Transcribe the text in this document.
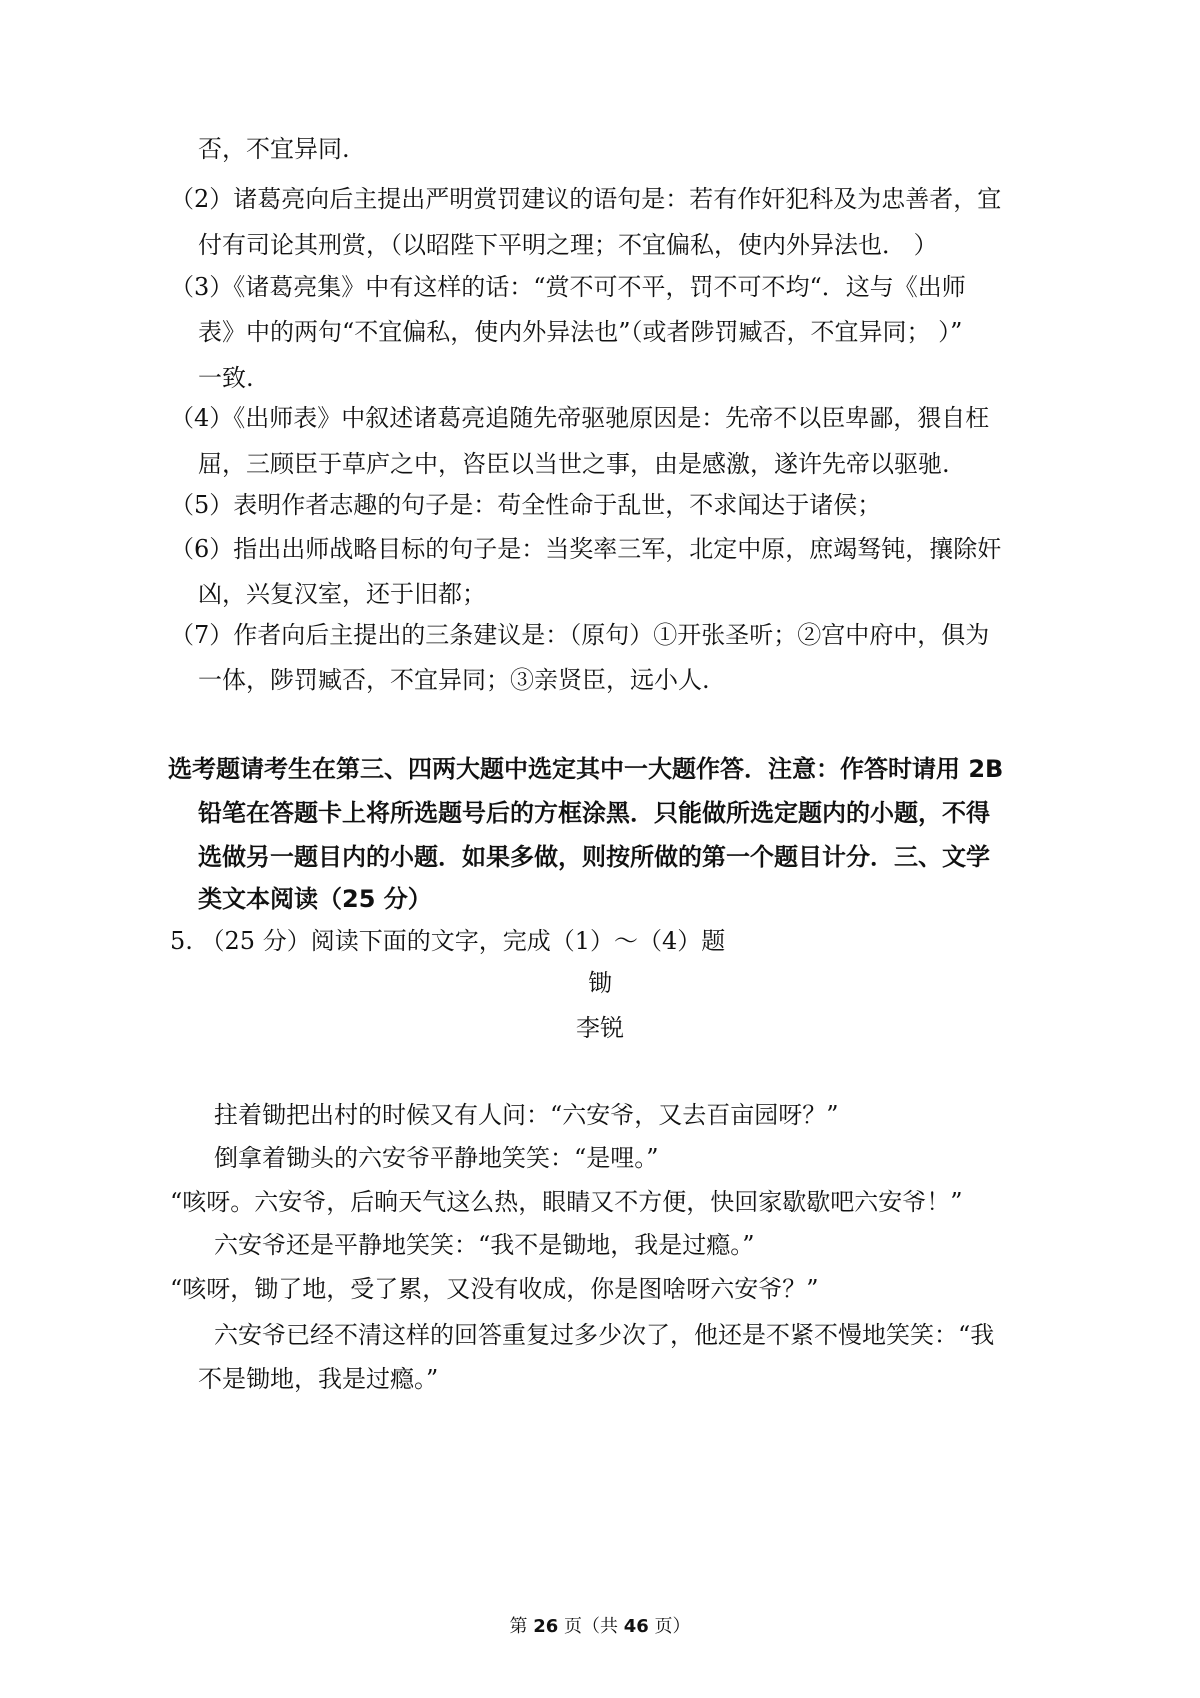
否，不宜异同.
（2）诸葛亮向后主提出严明赏罚建议的语句是：若有作奸犯科及为忠善者，宜
付有司论其刑赏，（以昭陛下平明之理；不宜偏私，使内外异法也． ）
（3）《诸葛亮集》中有这样的话：“赏不可不平，罚不可不均“．这与《出师
表》中的两句“不宜偏私，使内外异法也”（或者陟罚臧否，不宜异同； ）”
一致.
（4）《出师表》中叙述诸葛亮追随先帝驱驰原因是：先帝不以臣卑鄙，猥自枉
屈，三顾臣于草庐之中，咨臣以当世之事，由是感激，遂许先帝以驱驰.
（5）表明作者志趣的句子是：苟全性命于乱世，不求闻达于诸侯；
（6）指出出师战略目标的句子是：当奖率三军，北定中原，庶竭驽钝，攘除奸
凶，兴复汉室，还于旧都；
（7）作者向后主提出的三条建议是：（原句）①开张圣听；②宫中府中，俱为
一体，陟罚臧否，不宜异同；③亲贤臣，远小人.
选考题请考生在第三、四两大题中选定其中一大题作答．注意：作答时请用 2B
铅笔在答题卡上将所选题号后的方框涂黑．只能做所选定题内的小题，不得
选做另一题目内的小题．如果多做，则按所做的第一个题目计分．三、文学
类文本阅读（25 分）
5. （25 分）阅读下面的文字，完成（1）～（4）题
锄
李锐
拄着锄把出村的时候又有人问：“六安爷，又去百亩园呀？”
倒拿着锄头的六安爷平静地笑笑：“是哩。”
“咳呀。六安爷，后晌天气这么热，眼睛又不方便，快回家歇歇吧六安爷！”
六安爷还是平静地笑笑：“我不是锄地，我是过瘾。”
“咳呀，锄了地，受了累，又没有收成，你是图啥呀六安爷？”
六安爷已经不清这样的回答重复过多少次了，他还是不紧不慢地笑笑：“我
不是锄地，我是过瘾。”
第 26 页（共 46 页）
